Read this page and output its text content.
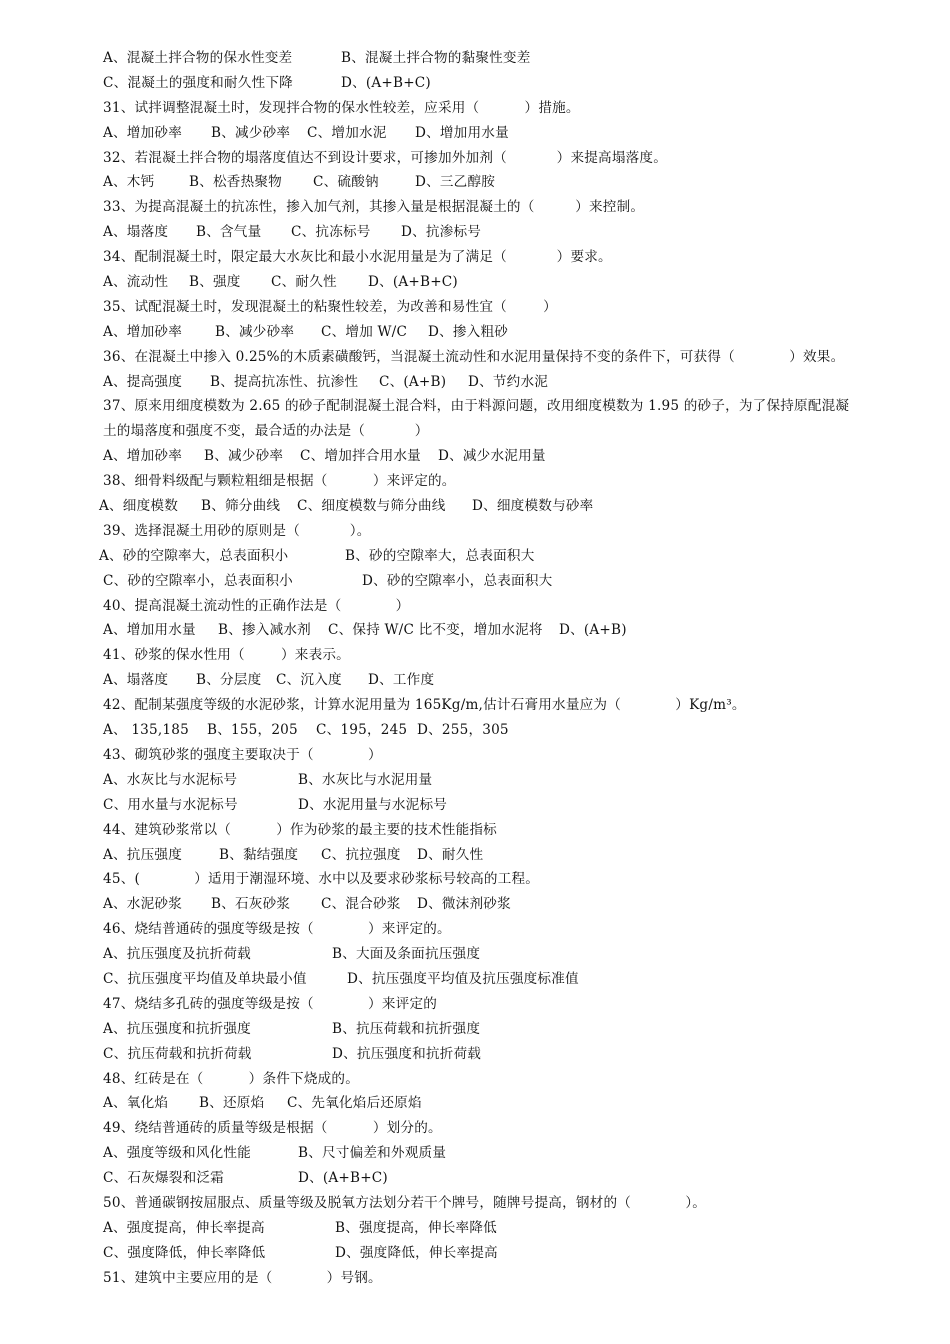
A、混凝土拌合物的保水性变差	B、混凝土拌合物的黏聚性变差
C、混凝土的强度和耐久性下降	D、(A+B+C)
31、试拌调整混凝土时，发现拌合物的保水性较差，应采用（          ）措施。
A、增加砂率 B、减少砂率 C、增加水泥 D、增加用水量
32、若混凝土拌合物的塌落度值达不到设计要求，可掺加外加剂（           ）来提高塌落度。
A、木钙	B、松香热聚物 C、硫酸钠	D、三乙醇胺
33、为提高混凝土的抗冻性，掺入加气剂，其掺入量是根据混凝土的（         ）来控制。
A、塌落度 B、含气量 C、抗冻标号 D、抗渗标号
34、配制混凝土时，限定最大水灰比和最小水泥用量是为了满足（           ）要求。
A、流动性 B、强度 C、耐久性 D、(A+B+C)
35、试配混凝土时，发现混凝土的粘聚性较差，为改善和易性宜（        ）
A、增加砂率 B、减少砂率 C、增加 W/C D、掺入粗砂
36、在混凝土中掺入 0.25%的木质素磺酸钙，当混凝土流动性和水泥用量保持不变的条件下，可获得（            ）效果。
A、提高强度 B、提高抗冻性、抗渗性 C、(A+B) D、节约水泥
37、原来用细度模数为 2.65 的砂子配制混凝土混合料，由于料源问题，改用细度模数为 1.95 的砂子，为了保持原配混凝
土的塌落度和强度不变，最合适的办法是（           ）
A、增加砂率 B、减少砂率 C、增加拌合用水量 D、减少水泥用量
38、细骨料级配与颗粒粗细是根据（          ）来评定的。
A、细度模数 B、筛分曲线 C、细度模数与筛分曲线 D、细度模数与砂率
39、选择混凝土用砂的原则是（           ）。
A、砂的空隙率大，总表面积小	B、砂的空隙率大，总表面积大
C、砂的空隙率小，总表面积小	D、砂的空隙率小，总表面积大
40、提高混凝土流动性的正确作法是（            ）
A、增加用水量 B、掺入减水剂 C、保持 W/C 比不变，增加水泥将 D、(A+B)
41、砂浆的保水性用（        ）来表示。
A、塌落度 B、分层度 C、沉入度 D、工作度
42、配制某强度等级的水泥砂浆，计算水泥用量为 165Kg/m,估计石膏用水量应为（            ）Kg/m³。
A、 135,185 B、155，205 C、195，245 D、255，305
43、砌筑砂浆的强度主要取决于（            ）
A、水灰比与水泥标号	B、水灰比与水泥用量
C、用水量与水泥标号	D、水泥用量与水泥标号
44、建筑砂浆常以（          ）作为砂浆的最主要的技术性能指标
A、抗压强度	B、黏结强度 C、抗拉强度 D、耐久性
45、(            ）适用于潮湿环境、水中以及要求砂浆标号较高的工程。
A、水泥砂浆 B、石灰砂浆 C、混合砂浆 D、微沫剂砂浆
46、烧结普通砖的强度等级是按（            ）来评定的。
A、抗压强度及抗折荷载	B、大面及条面抗压强度
C、抗压强度平均值及单块最小值	D、抗压强度平均值及抗压强度标准值
47、烧结多孔砖的强度等级是按（            ）来评定的
A、抗压强度和抗折强度	B、抗压荷载和抗折强度
C、抗压荷载和抗折荷载	D、抗压强度和抗折荷载
48、红砖是在（          ）条件下烧成的。
A、氧化焰 B、还原焰 C、先氧化焰后还原焰
49、绕结普通砖的质量等级是根据（          ）划分的。
A、强度等级和风化性能	B、尺寸偏差和外观质量
C、石灰爆裂和泛霜	D、(A+B+C)
50、普通碳钢按屈服点、质量等级及脱氧方法划分若干个牌号，随牌号提高，钢材的（            ）。
A、强度提高，伸长率提高	B、强度提高，伸长率降低
C、强度降低，伸长率降低	D、强度降低，伸长率提高
51、建筑中主要应用的是（            ）号钢。
